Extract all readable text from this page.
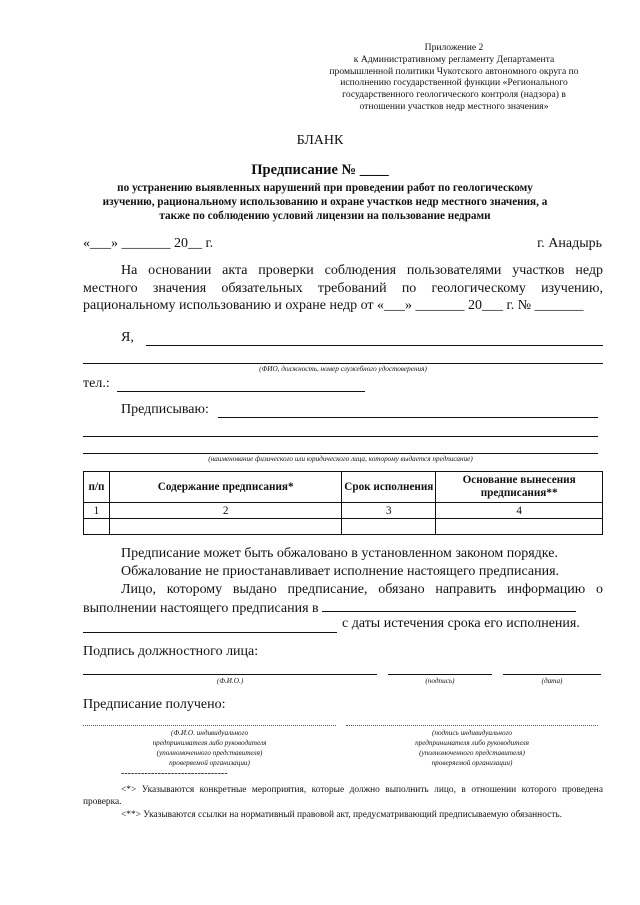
Приложение 2
к Административному регламенту Департамента
промышленной политики Чукотского автономного округа по
исполнению государственной функции «Регионального
государственного геологического контроля (надзора) в
отношении участков недр местного значения»
БЛАНК
Предписание № ____
по устранению выявленных нарушений при проведении работ по геологическому
изучению, рациональному использованию и охране участков недр местного значения, а
также по соблюдению условий лицензии на пользование недрами
«___» _______ 20__ г.	г. Анадырь
На основании акта проверки соблюдения пользователями участков недр местного значения обязательных требований по геологическому изучению, рациональному использованию и охране недр от «___» _______ 20___ г. № _______
Я,
(ФИО, должность, номер служебного удостоверения)
тел.:
Предписываю:
(наименование физического или юридического лица, которому выдается предписание)
п/п	Содержание предписания*	Срок исполнения	Основание вынесения предписания**
1	2	3	4

Предписание может быть обжаловано в установленном законом порядке.
Обжалование не приостанавливает исполнение настоящего предписания.
Лицо, которому выдано предписание, обязано направить информацию о выполнении настоящего предписания в
с даты истечения срока его исполнения.
Подпись должностного лица:
(Ф.И.О.)	(подпись)	(дата)
Предписание получено:
(Ф.И.О. индивидуального
предпринимателя либо руководителя
(уполномоченного представителя)
проверяемой организации)
(подпись индивидуального
предпринимателя либо руководителя
(уполномоченного представителя)
проверяемой организации)
--------------------------------
<*> Указываются конкретные мероприятия, которые должно выполнить лицо, в отношении которого проведена проверка.
<**> Указываются ссылки на нормативный правовой акт, предусматривающий предписываемую обязанность.
